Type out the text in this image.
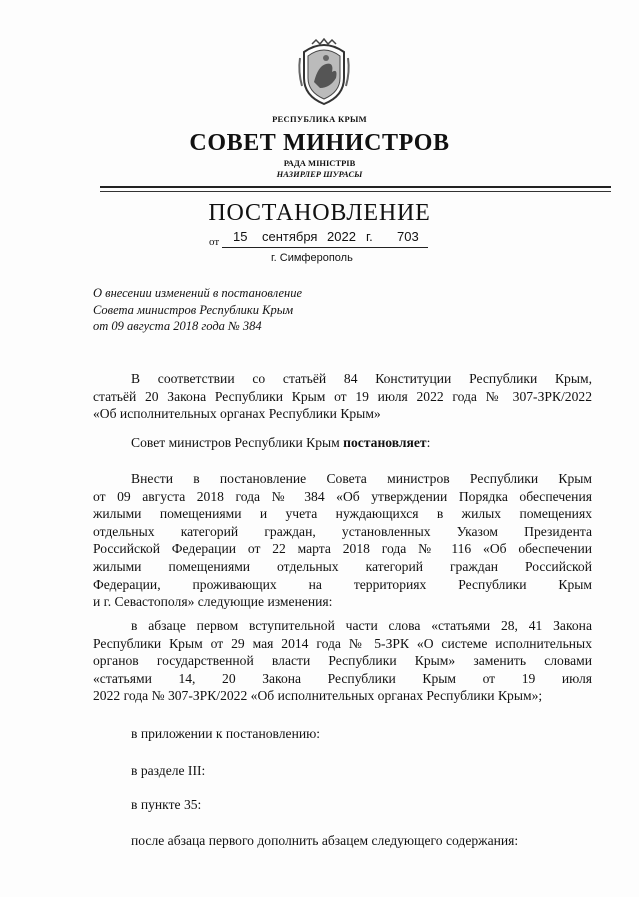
РЕСПУБЛИКА КРЫМ
СОВЕТ МИНИСТРОВ
РАДА МІНІСТРІВ
НАЗИРЛЕР ШУРАСЫ
ПОСТАНОВЛЕНИЕ
от 15 сентября 2022 г. 703
г. Симферополь
О внесении изменений в постановление
Совета министров Республики Крым
от 09 августа 2018 года № 384
В соответствии со статьёй 84 Конституции Республики Крым,
статьёй 20 Закона Республики Крым от 19 июля 2022 года № 307-ЗРК/2022
«Об исполнительных органах Республики Крым»
Совет министров Республики Крым постановляет:
Внести в постановление Совета министров Республики Крым
от 09 августа 2018 года № 384 «Об утверждении Порядка обеспечения
жилыми помещениями и учета нуждающихся в жилых помещениях
отдельных категорий граждан, установленных Указом Президента
Российской Федерации от 22 марта 2018 года № 116 «Об обеспечении
жилыми помещениями отдельных категорий граждан Российской
Федерации, проживающих на территориях Республики Крым
и г. Севастополя» следующие изменения:
в абзаце первом вступительной части слова «статьями 28, 41 Закона
Республики Крым от 29 мая 2014 года № 5-ЗРК «О системе исполнительных
органов государственной власти Республики Крым» заменить словами
«статьями 14, 20 Закона Республики Крым от 19 июля
2022 года № 307-ЗРК/2022 «Об исполнительных органах Республики Крым»;
в приложении к постановлению:
в разделе III:
в пункте 35:
после абзаца первого дополнить абзацем следующего содержания:
